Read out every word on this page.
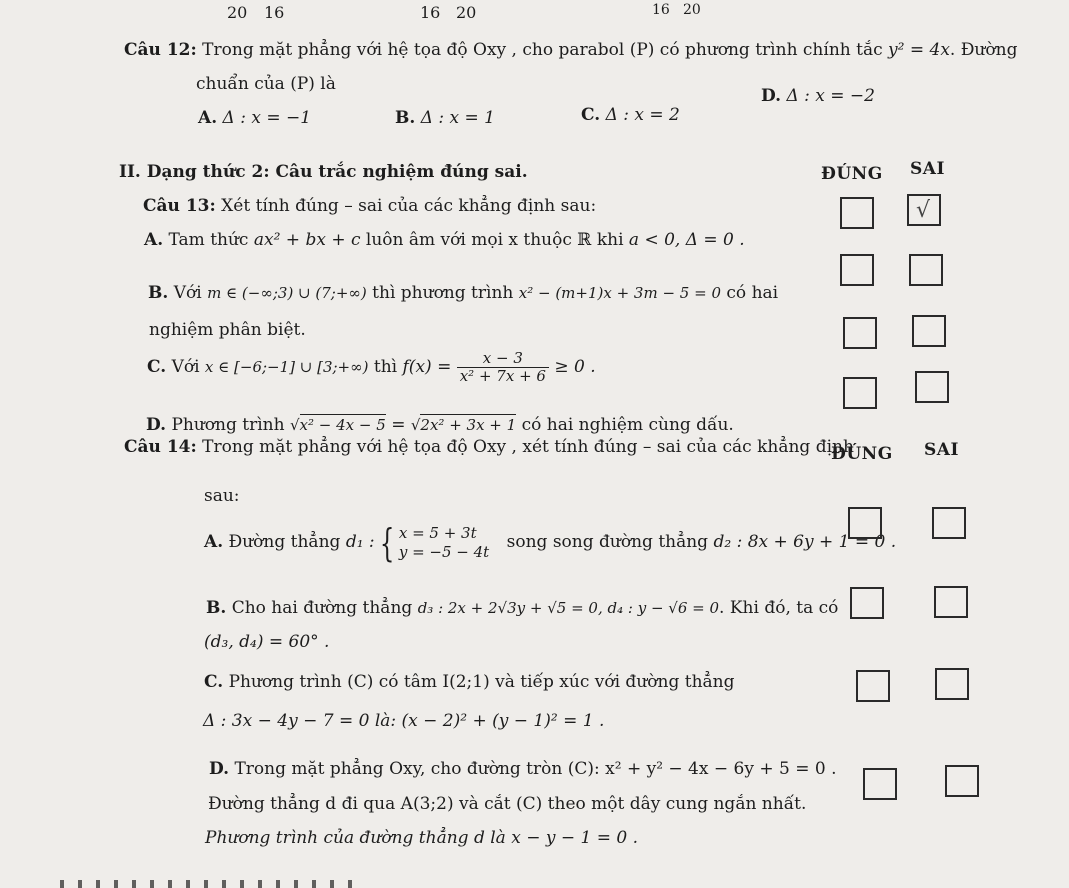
20 16	16 20	16 20
Câu 12: Trong mặt phẳng với hệ tọa độ Oxy , cho parabol (P) có phương trình chính tắc y² = 4x. Đường
chuẩn của (P) là
A. Δ : x = −1	B. Δ : x = 1	C. Δ : x = 2
D. Δ : x = −2
II. Dạng thức 2: Câu trắc nghiệm đúng sai.	ĐÚNG SAI
Câu 13: Xét tính đúng – sai của các khẳng định sau:
A. Tam thức ax² + bx + c luôn âm với mọi x thuộc ℝ khi a < 0, Δ = 0 .
√
B. Với m ∈ (−∞;3) ∪ (7;+∞) thì phương trình x² − (m+1)x + 3m − 5 = 0 có hai
nghiệm phân biệt.
C. Với x ∈ [−6;−1] ∪ [3;+∞) thì $f(x) = \frac{x - 3}{\text{x² + 7x + 6}} \ge 0$ .
D. Phương trình √x² − 4x − 5 = √2x² + 3x + 1 có hai nghiệm cùng dấu.
Câu 14: Trong mặt phẳng với hệ tọa độ Oxy , xét tính đúng – sai của các khẳng định
ĐÚNG SAI
sau:
A. Đường thẳng d₁ : { x = 5 + 3t
y = −5 − 4t song song đường thẳng d₂ : 8x + 6y + 1 = 0 .
B. Cho hai đường thẳng d₃ : 2x + 2√3y + √5 = 0, d₄ : y − √6 = 0. Khi đó, ta có
(d₃, d₄) = 60° .
C. Phương trình (C) có tâm I(2;1) và tiếp xúc với đường thẳng
Δ : 3x − 4y − 7 = 0 là: (x − 2)² + (y − 1)² = 1 .
D. Trong mặt phẳng Oxy, cho đường tròn (C): x² + y² − 4x − 6y + 5 = 0 .
Đường thẳng d đi qua A(3;2) và cắt (C) theo một dây cung ngắn nhất.
Phương trình của đường thẳng d là x − y − 1 = 0 .
